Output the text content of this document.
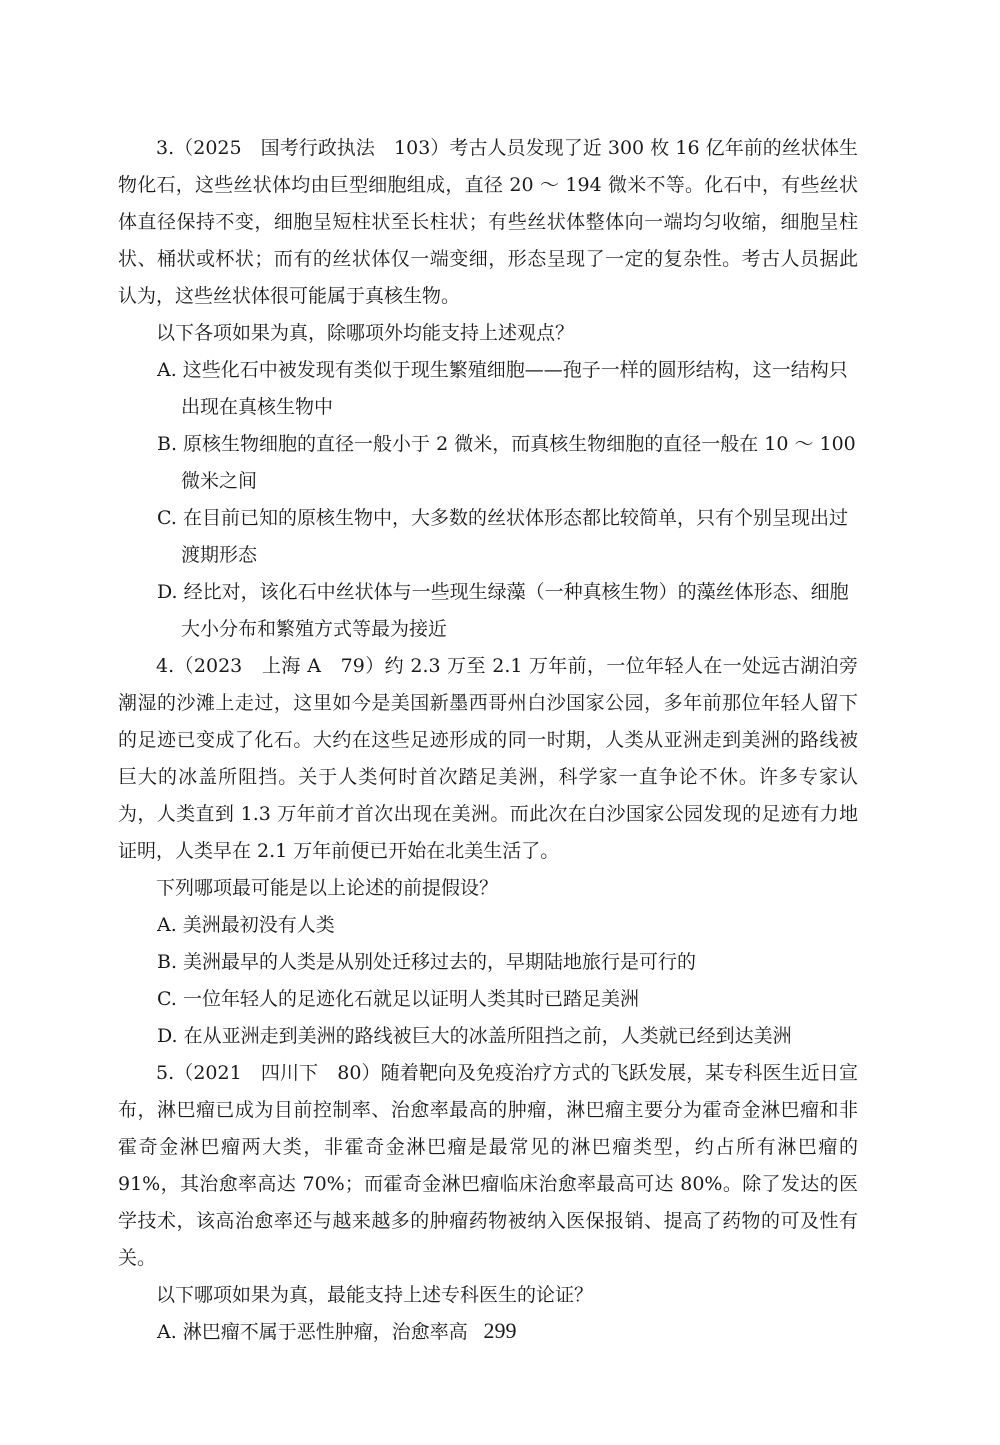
3.（2025　国考行政执法　103）考古人员发现了近 300 枚 16 亿年前的丝状体生物化石，这些丝状体均由巨型细胞组成，直径 20 ～ 194 微米不等。化石中，有些丝状体直径保持不变，细胞呈短柱状至长柱状；有些丝状体整体向一端均匀收缩，细胞呈柱状、桶状或杯状；而有的丝状体仅一端变细，形态呈现了一定的复杂性。考古人员据此认为，这些丝状体很可能属于真核生物。

以下各项如果为真，除哪项外均能支持上述观点？

A. 这些化石中被发现有类似于现生繁殖细胞——孢子一样的圆形结构，这一结构只出现在真核生物中

B. 原核生物细胞的直径一般小于 2 微米，而真核生物细胞的直径一般在 10 ～ 100 微米之间

C. 在目前已知的原核生物中，大多数的丝状体形态都比较简单，只有个别呈现出过渡期形态

D. 经比对，该化石中丝状体与一些现生绿藻（一种真核生物）的藻丝体形态、细胞大小分布和繁殖方式等最为接近

4.（2023　上海 A　79）约 2.3 万至 2.1 万年前，一位年轻人在一处远古湖泊旁潮湿的沙滩上走过，这里如今是美国新墨西哥州白沙国家公园，多年前那位年轻人留下的足迹已变成了化石。大约在这些足迹形成的同一时期，人类从亚洲走到美洲的路线被巨大的冰盖所阻挡。关于人类何时首次踏足美洲，科学家一直争论不休。许多专家认为，人类直到 1.3 万年前才首次出现在美洲。而此次在白沙国家公园发现的足迹有力地证明，人类早在 2.1 万年前便已开始在北美生活了。

下列哪项最可能是以上论述的前提假设？

A. 美洲最初没有人类

B. 美洲最早的人类是从别处迁移过去的，早期陆地旅行是可行的

C. 一位年轻人的足迹化石就足以证明人类其时已踏足美洲

D. 在从亚洲走到美洲的路线被巨大的冰盖所阻挡之前，人类就已经到达美洲

5.（2021　四川下　80）随着靶向及免疫治疗方式的飞跃发展，某专科医生近日宣布，淋巴瘤已成为目前控制率、治愈率最高的肿瘤，淋巴瘤主要分为霍奇金淋巴瘤和非霍奇金淋巴瘤两大类，非霍奇金淋巴瘤是最常见的淋巴瘤类型，约占所有淋巴瘤的 91%，其治愈率高达 70%；而霍奇金淋巴瘤临床治愈率最高可达 80%。除了发达的医学技术，该高治愈率还与越来越多的肿瘤药物被纳入医保报销、提高了药物的可及性有关。

以下哪项如果为真，最能支持上述专科医生的论证？

A. 淋巴瘤不属于恶性肿瘤，治愈率高 299
